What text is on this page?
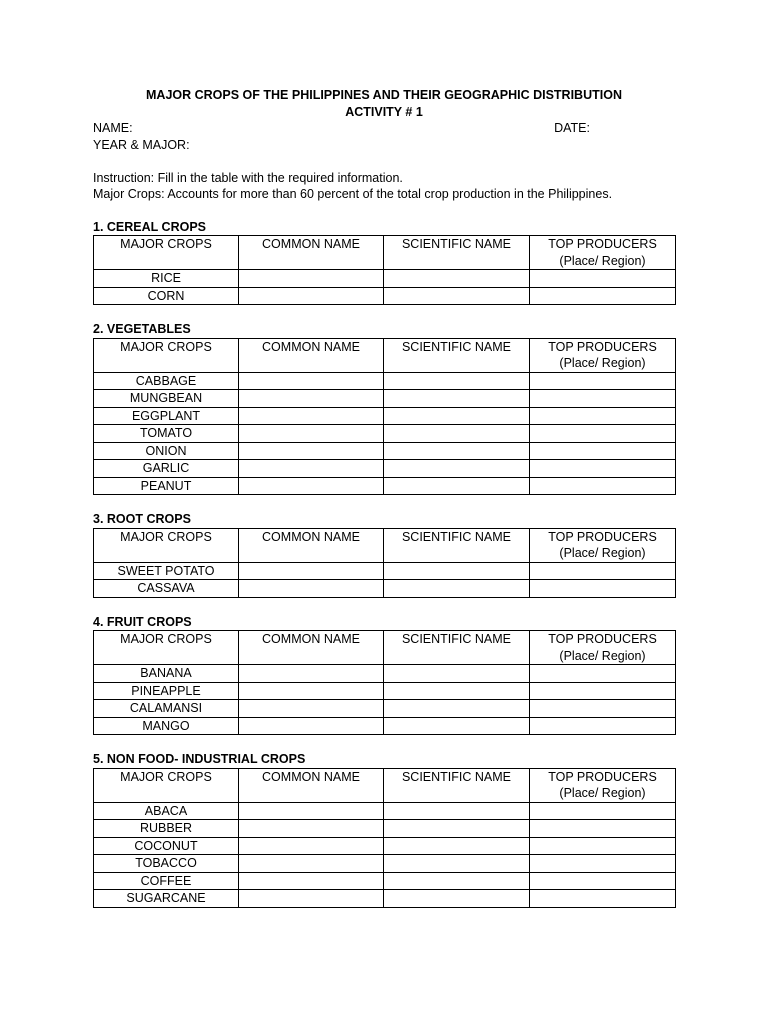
MAJOR CROPS OF THE PHILIPPINES AND THEIR GEOGRAPHIC DISTRIBUTION
ACTIVITY # 1
NAME:	DATE:
YEAR & MAJOR:
Instruction: Fill in the table with the required information.
Major Crops: Accounts for more than 60 percent of the total crop production in the Philippines.
1. CEREAL CROPS
MAJOR CROPS	COMMON NAME	SCIENTIFIC NAME	TOP PRODUCERS
(Place/ Region)

RICE			
CORN			
2. VEGETABLES
MAJOR CROPS	COMMON NAME	SCIENTIFIC NAME	TOP PRODUCERS
(Place/ Region)

CABBAGE			
MUNGBEAN			
EGGPLANT			
TOMATO			
ONION			
GARLIC			
PEANUT			
3. ROOT CROPS
MAJOR CROPS	COMMON NAME	SCIENTIFIC NAME	TOP PRODUCERS
(Place/ Region)

SWEET POTATO			
CASSAVA			
4. FRUIT CROPS
MAJOR CROPS	COMMON NAME	SCIENTIFIC NAME	TOP PRODUCERS
(Place/ Region)

BANANA			
PINEAPPLE			
CALAMANSI			
MANGO			
5. NON FOOD- INDUSTRIAL CROPS
MAJOR CROPS	COMMON NAME	SCIENTIFIC NAME	TOP PRODUCERS
(Place/ Region)

ABACA			
RUBBER			
COCONUT			
TOBACCO			
COFFEE			
SUGARCANE			
